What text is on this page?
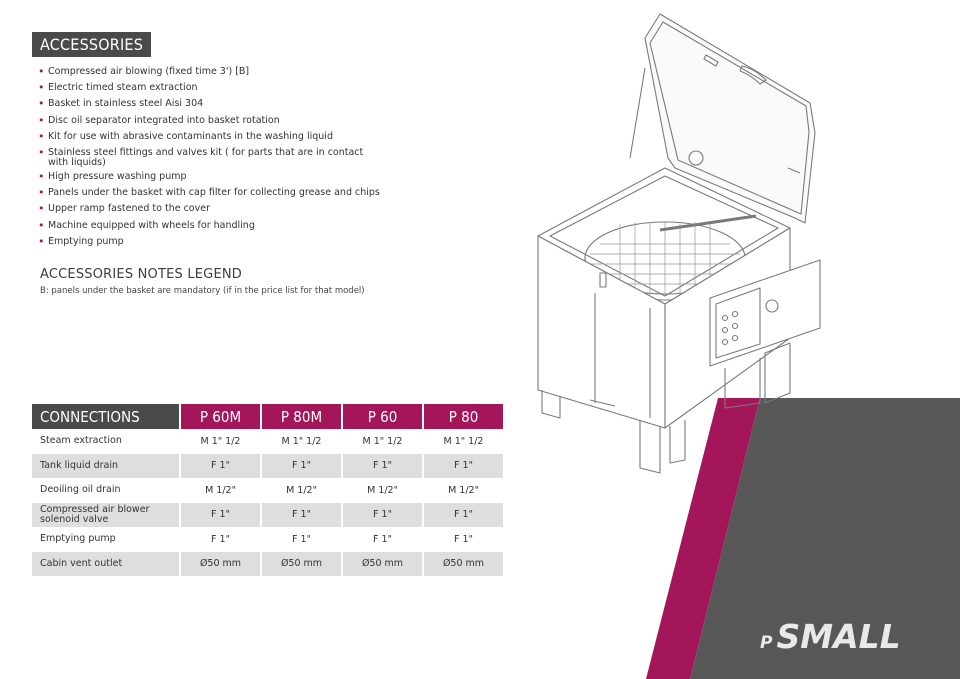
ACCESSORIES
• Compressed air blowing (fixed time 3') [B]
• Electric timed steam extraction
• Basket in stainless steel Aisi 304
• Disc oil separator integrated into basket rotation
• Kit for use with abrasive contaminants in the washing liquid
• Stainless steel fittings and valves kit ( for parts that are in contact with liquids)
• High pressure washing pump
• Panels under the basket with cap filter for collecting grease and chips
• Upper ramp fastened to the cover
• Machine equipped with wheels for handling
• Emptying pump
ACCESSORIES NOTES LEGEND
B: panels under the basket are mandatory (if in the price list for that model)
CONNECTIONS	P 60M	P 80M	P 60	P 80
Steam extraction	M 1" 1/2	M 1" 1/2	M 1" 1/2	M 1" 1/2
Tank liquid drain	F 1"	F 1"	F 1"	F 1"
Deoiling oil drain	M 1/2"	M 1/2"	M 1/2"	M 1/2"
Compressed air blower solenoid valve	F 1"	F 1"	F 1"	F 1"
Emptying pump	F 1"	F 1"	F 1"	F 1"
Cabin vent outlet	Ø50 mm	Ø50 mm	Ø50 mm	Ø50 mm
P SMALL
